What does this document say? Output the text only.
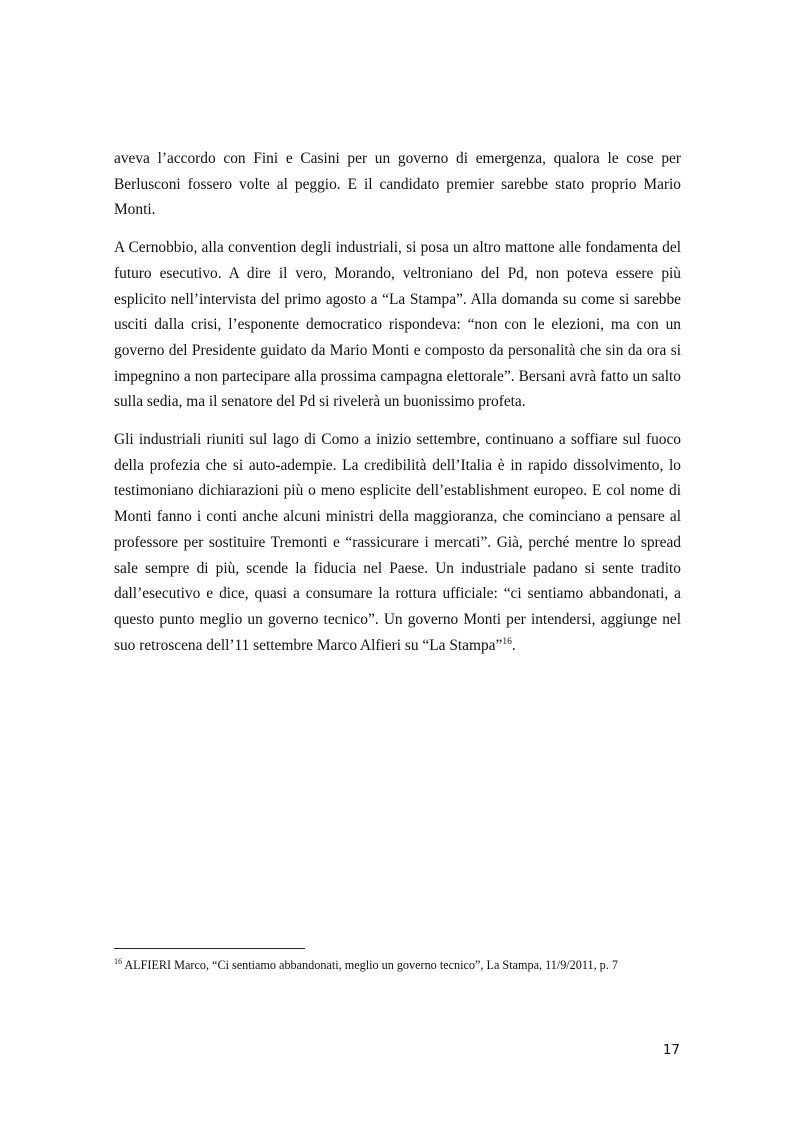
aveva l’accordo con Fini e Casini per un governo di emergenza, qualora le cose per Berlusconi fossero volte al peggio. E il candidato premier sarebbe stato proprio Mario Monti.

A Cernobbio, alla convention degli industriali, si posa un altro mattone alle fondamenta del futuro esecutivo. A dire il vero, Morando, veltroniano del Pd, non poteva essere più esplicito nell’intervista del primo agosto a “La Stampa”. Alla domanda su come si sarebbe usciti dalla crisi, l’esponente democratico rispondeva: “non con le elezioni, ma con un governo del Presidente guidato da Mario Monti e composto da personalità che sin da ora si impegnino a non partecipare alla prossima campagna elettorale”. Bersani avrà fatto un salto sulla sedia, ma il senatore del Pd si rivelerà un buonissimo profeta.

Gli industriali riuniti sul lago di Como a inizio settembre, continuano a soffiare sul fuoco della profezia che si auto-adempie. La credibilità dell’Italia è in rapido dissolvimento, lo testimoniano dichiarazioni più o meno esplicite dell’establishment europeo. E col nome di Monti fanno i conti anche alcuni ministri della maggioranza, che cominciano a pensare al professore per sostituire Tremonti e “rassicurare i mercati”. Già, perché mentre lo spread sale sempre di più, scende la fiducia nel Paese. Un industriale padano si sente tradito dall’esecutivo e dice, quasi a consumare la rottura ufficiale: “ci sentiamo abbandonati, a questo punto meglio un governo tecnico”. Un governo Monti per intendersi, aggiunge nel suo retroscena dell’11 settembre Marco Alfieri su “La Stampa”$^{16}$.

$^{16}$ ALFIERI Marco, “Ci sentiamo abbandonati, meglio un governo tecnico”, La Stampa, 11/9/2011, p. 7
17
